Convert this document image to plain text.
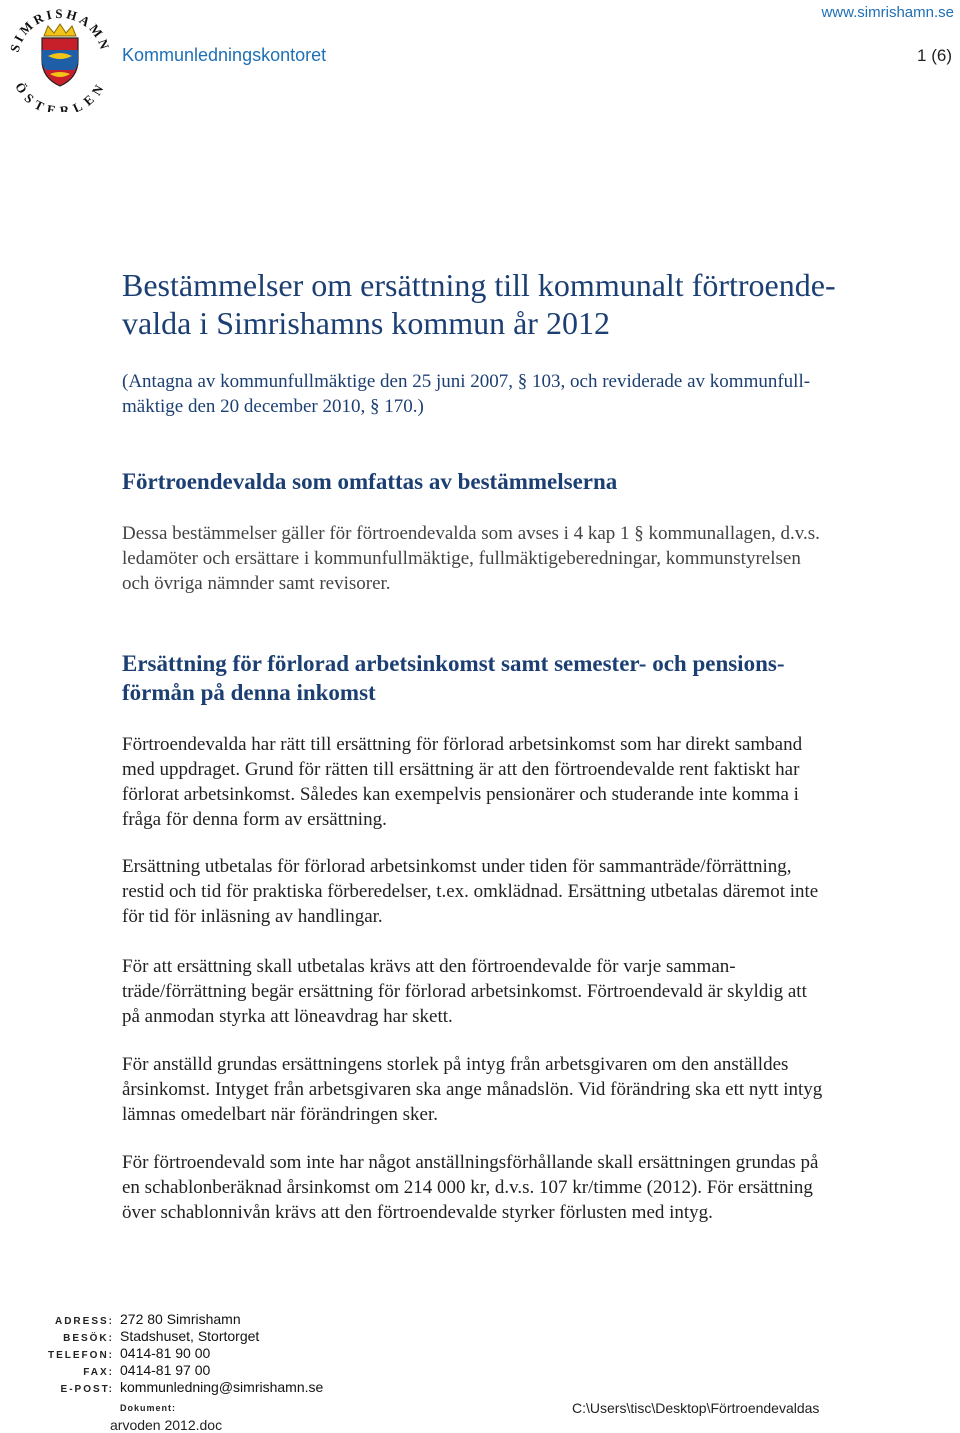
SIMRISHAMN
ÖSTERLEN
www.simrishamn.se
Kommunledningskontoret	1 (6)
Bestämmelser om ersättning till kommunalt förtroende-
valda i Simrishamns kommun år 2012
(Antagna av kommunfullmäktige den 25 juni 2007, § 103, och reviderade av kommunfull-
mäktige den 20 december 2010, § 170.)
Förtroendevalda som omfattas av bestämmelserna

Dessa bestämmelser gäller för förtroendevalda som avses i 4 kap 1 § kommunallagen, d.v.s.

ledamöter och ersättare i kommunfullmäktige, fullmäktigeberedningar, kommunstyrelsen

och övriga nämnder samt revisorer.

Ersättning för förlorad arbetsinkomst samt semester- och pensions-
förmån på denna inkomst

Förtroendevalda har rätt till ersättning för förlorad arbetsinkomst som har direkt samband

med uppdraget. Grund för rätten till ersättning är att den förtroendevalde rent faktiskt har

förlorat arbetsinkomst. Således kan exempelvis pensionärer och studerande inte komma i

fråga för denna form av ersättning.

Ersättning utbetalas för förlorad arbetsinkomst under tiden för sammanträde/förrättning,

restid och tid för praktiska förberedelser, t.ex. omklädnad. Ersättning utbetalas däremot inte

för tid för inläsning av handlingar.

För att ersättning skall utbetalas krävs att den förtroendevalde för varje samman-

träde/förrättning begär ersättning för förlorad arbetsinkomst. Förtroendevald är skyldig att

på anmodan styrka att löneavdrag har skett.

För anställd grundas ersättningens storlek på intyg från arbetsgivaren om den anställdes

årsinkomst. Intyget från arbetsgivaren ska ange månadslön. Vid förändring ska ett nytt intyg

lämnas omedelbart när förändringen sker.

För förtroendevald som inte har något anställningsförhållande skall ersättningen grundas på

en schablonberäknad årsinkomst om 214 000 kr, d.v.s. 107 kr/timme (2012). För ersättning

över schablonnivån krävs att den förtroendevalde styrker förlusten med intyg.

ADRESS: 272 80 Simrishamn
BESÖK: Stadshuset, Stortorget
TELEFON: 0414-81 90 00
FAX: 0414-81 97 00
E-POST: kommunledning@simrishamn.se
Dokument:
arvoden 2012.doc
C:\Users\tisc\Desktop\Förtroendevaldas
